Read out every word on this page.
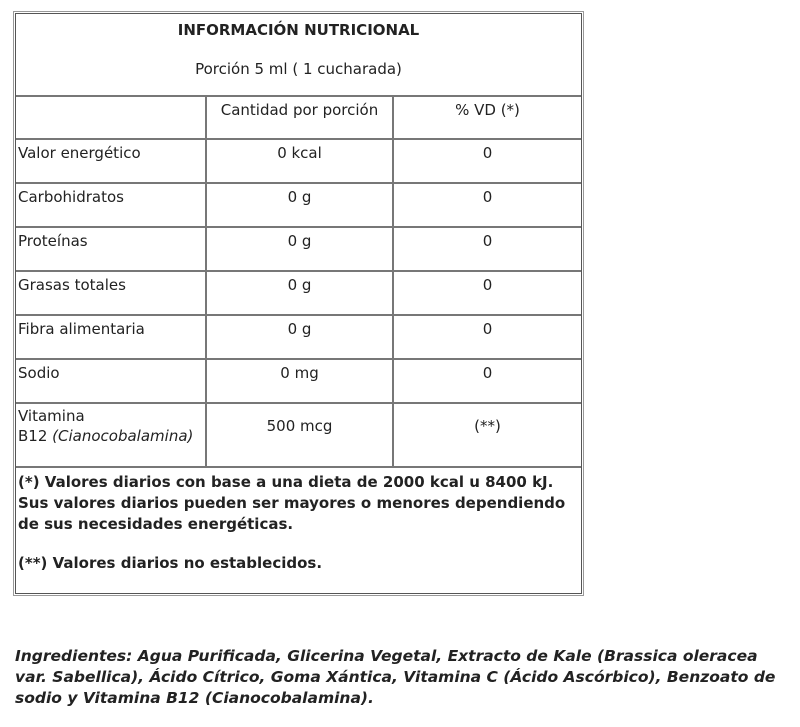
INFORMACIÓN NUTRICIONAL
Porción 5 ml ( 1 cucharada)
Cantidad por porción	% VD (*)
Valor energético	0 kcal	0
Carbohidratos	0 g	0
Proteínas	0 g	0
Grasas totales	0 g	0
Fibra alimentaria	0 g	0
Sodio	0 mg	0
Vitamina
B12 (Cianocobalamina)
500 mcg	(**)

(*) Valores diarios con base a una dieta de 2000 kcal u 8400 kJ. Sus valores diarios pueden ser mayores o menores dependiendo de sus necesidades energéticas.

(**) Valores diarios no establecidos.

Ingredientes: Agua Purificada, Glicerina Vegetal, Extracto de Kale (Brassica oleracea var. Sabellica), Ácido Cítrico, Goma Xántica, Vitamina C (Ácido Ascórbico), Benzoato de sodio y Vitamina B12 (Cianocobalamina).
